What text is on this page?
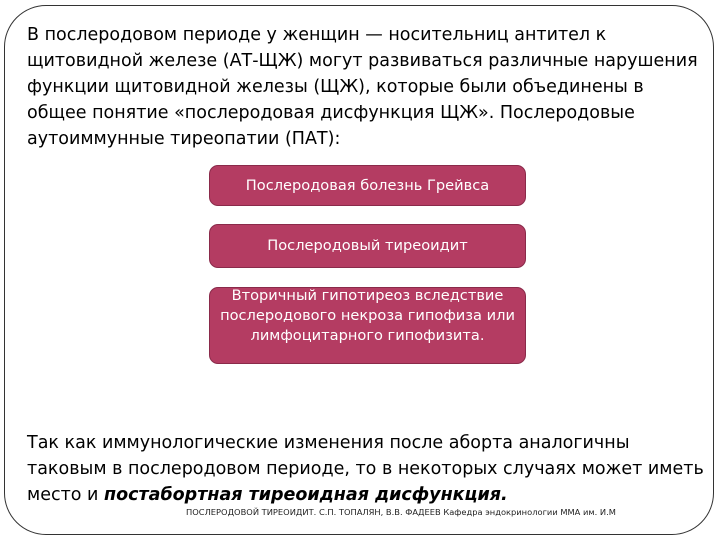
В послеродовом периоде у женщин — носительниц антител к щитовидной железе (АТ-ЩЖ) могут развиваться различные нарушения функции щитовидной железы (ЩЖ), которые были объединены в общее понятие «послеродовая дисфункция ЩЖ». Послеродовые аутоиммунные тиреопатии (ПАТ):

Послеродовая болезнь Грейвса
Послеродовый тиреоидит
Вторичный гипотиреоз вследствие послеродового некроза гипофиза или лимфоцитарного гипофизита.

Так как иммунологические изменения после аборта аналогичны таковым в послеродовом периоде, то в некоторых случаях может иметь место и постабортная тиреоидная дисфункция.

ПОСЛЕРОДОВОЙ ТИРЕОИДИТ. С.П. ТОПАЛЯН, В.В. ФАДЕЕВ Кафедра эндокринологии ММА им. И.М
